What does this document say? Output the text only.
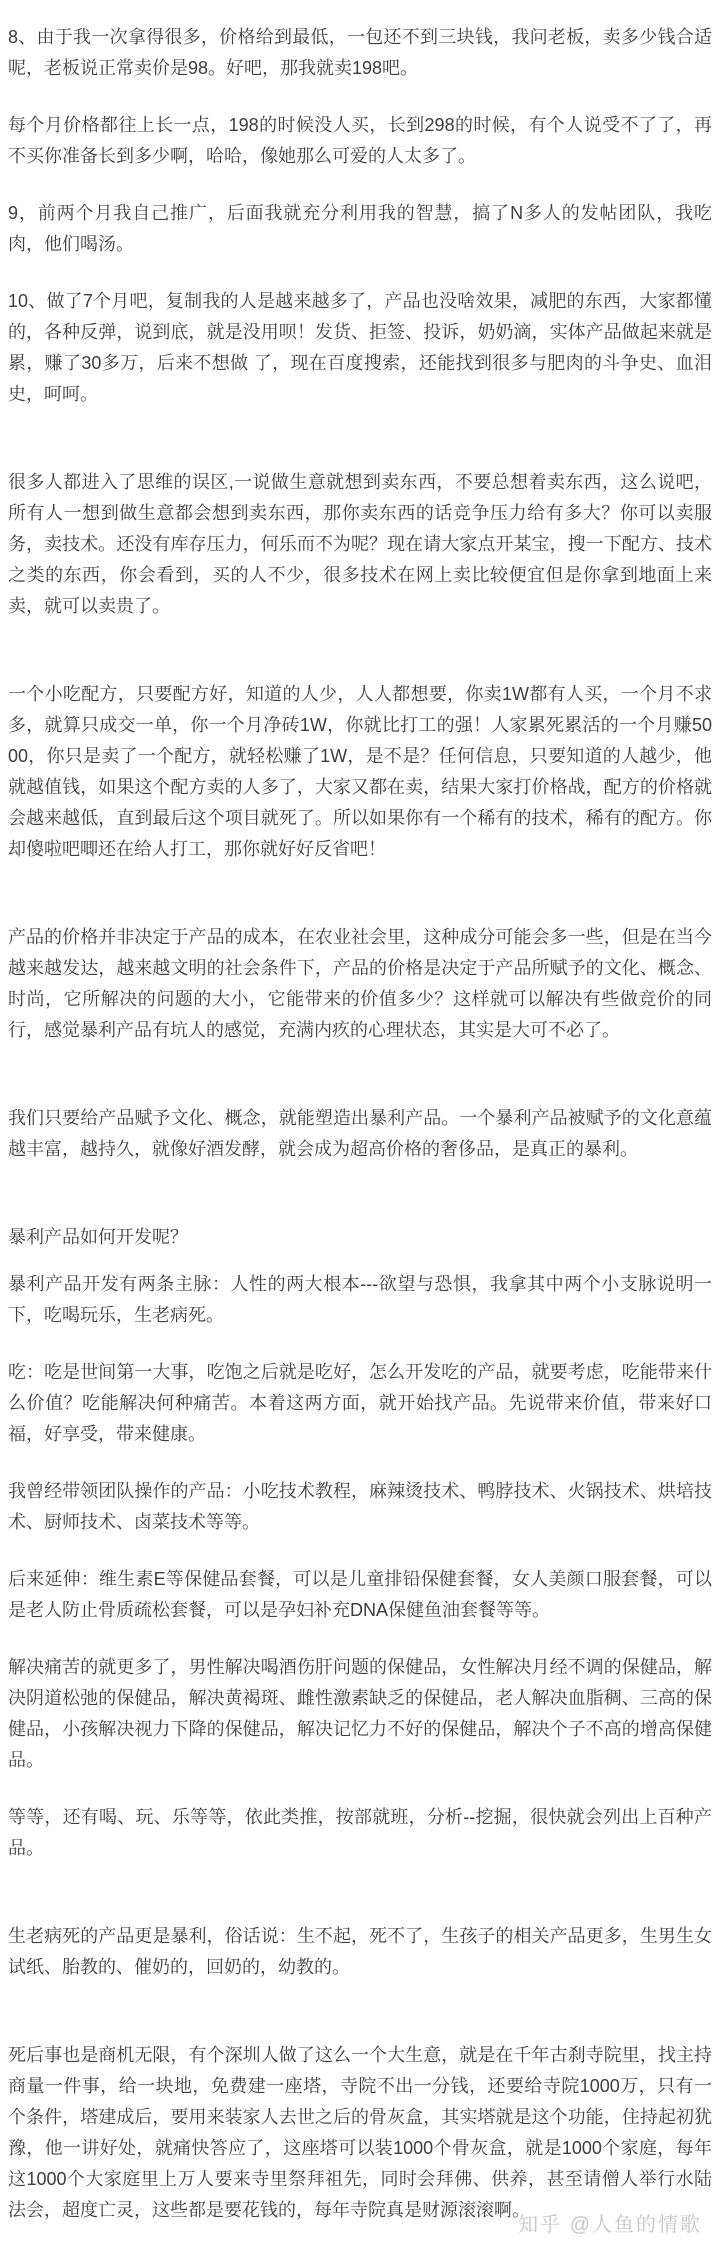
8、由于我一次拿得很多，价格给到最低，一包还不到三块钱，我问老板，卖多少钱合适呢，老板说正常卖价是98。好吧，那我就卖198吧。

每个月价格都往上长一点，198的时候没人买，长到298的时候，有个人说受不了了，再不买你准备长到多少啊，哈哈，像她那么可爱的人太多了。

9，前两个月我自己推广，后面我就充分利用我的智慧，搞了N多人的发帖团队，我吃肉，他们喝汤。

10、做了7个月吧，复制我的人是越来越多了，产品也没啥效果，减肥的东西，大家都懂的，各种反弹，说到底，就是没用呗！发货、拒签、投诉，奶奶滴，实体产品做起来就是累，赚了30多万，后来不想做 了，现在百度搜索，还能找到很多与肥肉的斗争史、血泪史，呵呵。

很多人都进入了思维的误区,一说做生意就想到卖东西，不要总想着卖东西，这么说吧，所有人一想到做生意都会想到卖东西，那你卖东西的话竞争压力给有多大？你可以卖服务，卖技术。还没有库存压力，何乐而不为呢？现在请大家点开某宝，搜一下配方、技术之类的东西，你会看到，买的人不少，很多技术在网上卖比较便宜但是你拿到地面上来卖，就可以卖贵了。

一个小吃配方，只要配方好，知道的人少，人人都想要，你卖1W都有人买，一个月不求多，就算只成交一单，你一个月净砖1W，你就比打工的强！人家累死累活的一个月赚5000，你只是卖了一个配方，就轻松赚了1W，是不是？任何信息，只要知道的人越少，他就越值钱，如果这个配方卖的人多了，大家又都在卖，结果大家打价格战，配方的价格就会越来越低，直到最后这个项目就死了。所以如果你有一个稀有的技术，稀有的配方。你却傻啦吧唧还在给人打工，那你就好好反省吧！

产品的价格并非决定于产品的成本，在农业社会里，这种成分可能会多一些，但是在当今越来越发达，越来越文明的社会条件下，产品的价格是决定于产品所赋予的文化、概念、时尚，它所解决的问题的大小，它能带来的价值多少？这样就可以解决有些做竞价的同行，感觉暴利产品有坑人的感觉，充满内疚的心理状态，其实是大可不必了。

我们只要给产品赋予文化、概念，就能塑造出暴利产品。一个暴利产品被赋予的文化意蕴越丰富，越持久，就像好酒发酵，就会成为超高价格的奢侈品，是真正的暴利。

暴利产品如何开发呢？

暴利产品开发有两条主脉：人性的两大根本---欲望与恐惧，我拿其中两个小支脉说明一下，吃喝玩乐，生老病死。

吃：吃是世间第一大事，吃饱之后就是吃好，怎么开发吃的产品，就要考虑，吃能带来什么价值？吃能解决何种痛苦。本着这两方面，就开始找产品。先说带来价值，带来好口福，好享受，带来健康。

我曾经带领团队操作的产品：小吃技术教程，麻辣烫技术、鸭脖技术、火锅技术、烘培技术、厨师技术、卤菜技术等等。

后来延伸：维生素E等保健品套餐，可以是儿童排铅保健套餐，女人美颜口服套餐，可以是老人防止骨质疏松套餐，可以是孕妇补充DNA保健鱼油套餐等等。

解决痛苦的就更多了，男性解决喝酒伤肝问题的保健品，女性解决月经不调的保健品，解决阴道松弛的保健品，解决黄褐斑、雌性激素缺乏的保健品，老人解决血脂稠、三高的保健品，小孩解决视力下降的保健品，解决记忆力不好的保健品，解决个子不高的增高保健品。

等等，还有喝、玩、乐等等，依此类推，按部就班，分析--挖掘，很快就会列出上百种产品。

生老病死的产品更是暴利，俗话说：生不起，死不了，生孩子的相关产品更多，生男生女试纸、胎教的、催奶的，回奶的，幼教的。

死后事也是商机无限，有个深圳人做了这么一个大生意，就是在千年古刹寺院里，找主持商量一件事，给一块地，免费建一座塔，寺院不出一分钱，还要给寺院1000万，只有一个条件，塔建成后，要用来装家人去世之后的骨灰盒，其实塔就是这个功能，住持起初犹豫，他一讲好处，就痛快答应了，这座塔可以装1000个骨灰盒，就是1000个家庭，每年这1000个大家庭里上万人要来寺里祭拜祖先，同时会拜佛、供养，甚至请僧人举行水陆法会，超度亡灵，这些都是要花钱的，每年寺院真是财源滚滚啊。

知乎 @人鱼的情歌
